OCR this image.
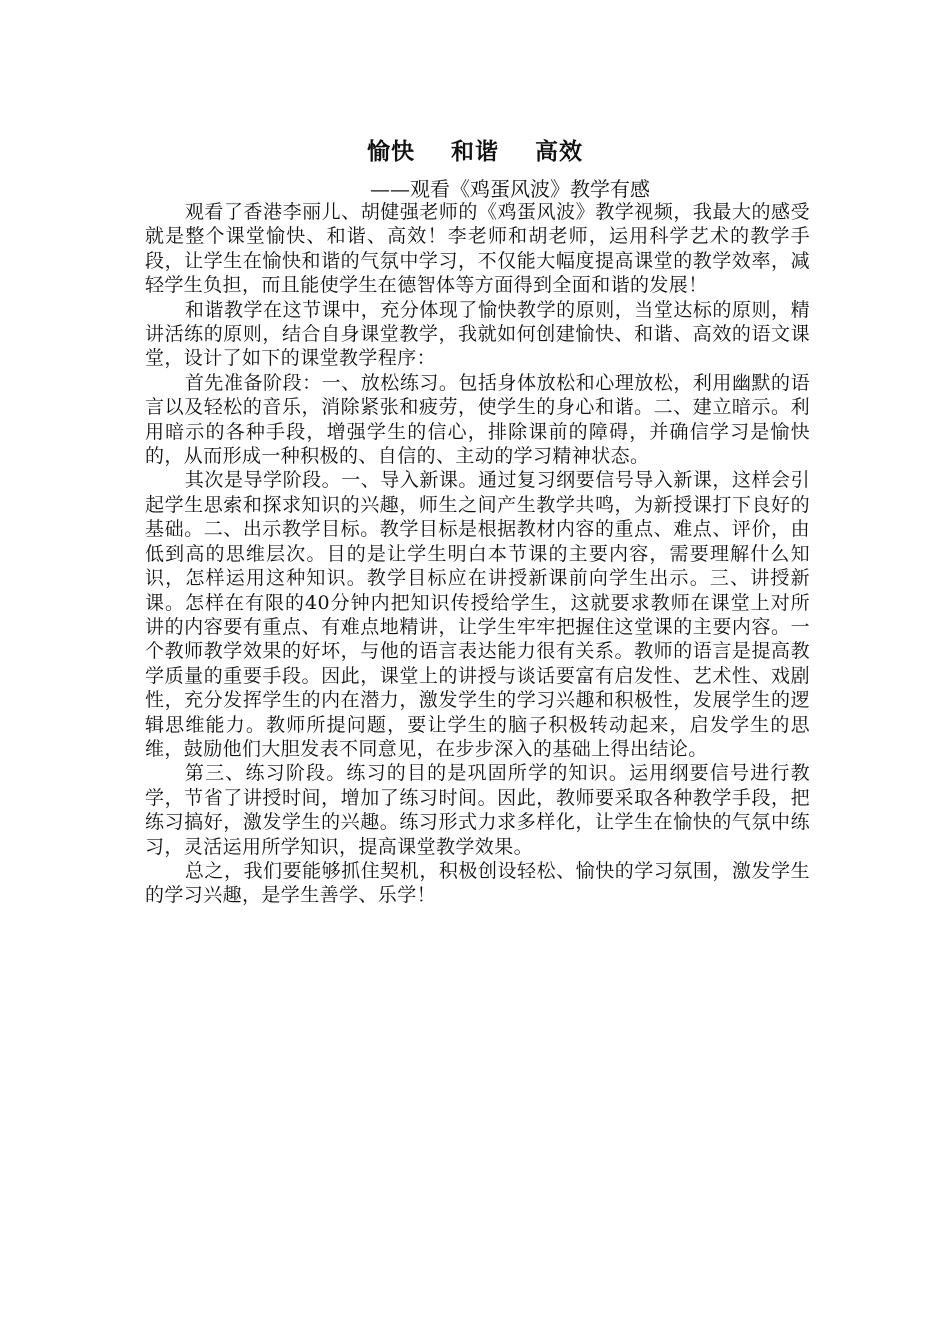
愉快    和谐    高效
——观看《鸡蛋风波》教学有感

观看了香港李丽儿、胡健强老师的《鸡蛋风波》教学视频，我最大的感受就是整个课堂愉快、和谐、高效！李老师和胡老师，运用科学艺术的教学手段，让学生在愉快和谐的气氛中学习，不仅能大幅度提高课堂的教学效率，减轻学生负担，而且能使学生在德智体等方面得到全面和谐的发展！

和谐教学在这节课中，充分体现了愉快教学的原则，当堂达标的原则，精讲活练的原则，结合自身课堂教学，我就如何创建愉快、和谐、高效的语文课堂，设计了如下的课堂教学程序：

首先准备阶段：一、放松练习。包括身体放松和心理放松，利用幽默的语言以及轻松的音乐，消除紧张和疲劳，使学生的身心和谐。二、建立暗示。利用暗示的各种手段，增强学生的信心，排除课前的障碍，并确信学习是愉快的，从而形成一种积极的、自信的、主动的学习精神状态。

其次是导学阶段。一、导入新课。通过复习纲要信号导入新课，这样会引起学生思索和探求知识的兴趣，师生之间产生教学共鸣，为新授课打下良好的基础。二、出示教学目标。教学目标是根据教材内容的重点、难点、评价，由低到高的思维层次。目的是让学生明白本节课的主要内容，需要理解什么知识，怎样运用这种知识。教学目标应在讲授新课前向学生出示。三、讲授新课。怎样在有限的40分钟内把知识传授给学生，这就要求教师在课堂上对所讲的内容要有重点、有难点地精讲，让学生牢牢把握住这堂课的主要内容。一个教师教学效果的好坏，与他的语言表达能力很有关系。教师的语言是提高教学质量的重要手段。因此，课堂上的讲授与谈话要富有启发性、艺术性、戏剧性，充分发挥学生的内在潜力，激发学生的学习兴趣和积极性，发展学生的逻辑思维能力。教师所提问题，要让学生的脑子积极转动起来，启发学生的思维，鼓励他们大胆发表不同意见，在步步深入的基础上得出结论。

第三、练习阶段。练习的目的是巩固所学的知识。运用纲要信号进行教学，节省了讲授时间，增加了练习时间。因此，教师要采取各种教学手段，把练习搞好，激发学生的兴趣。练习形式力求多样化，让学生在愉快的气氛中练习，灵活运用所学知识，提高课堂教学效果。

总之，我们要能够抓住契机，积极创设轻松、愉快的学习氛围，激发学生的学习兴趣，是学生善学、乐学！
